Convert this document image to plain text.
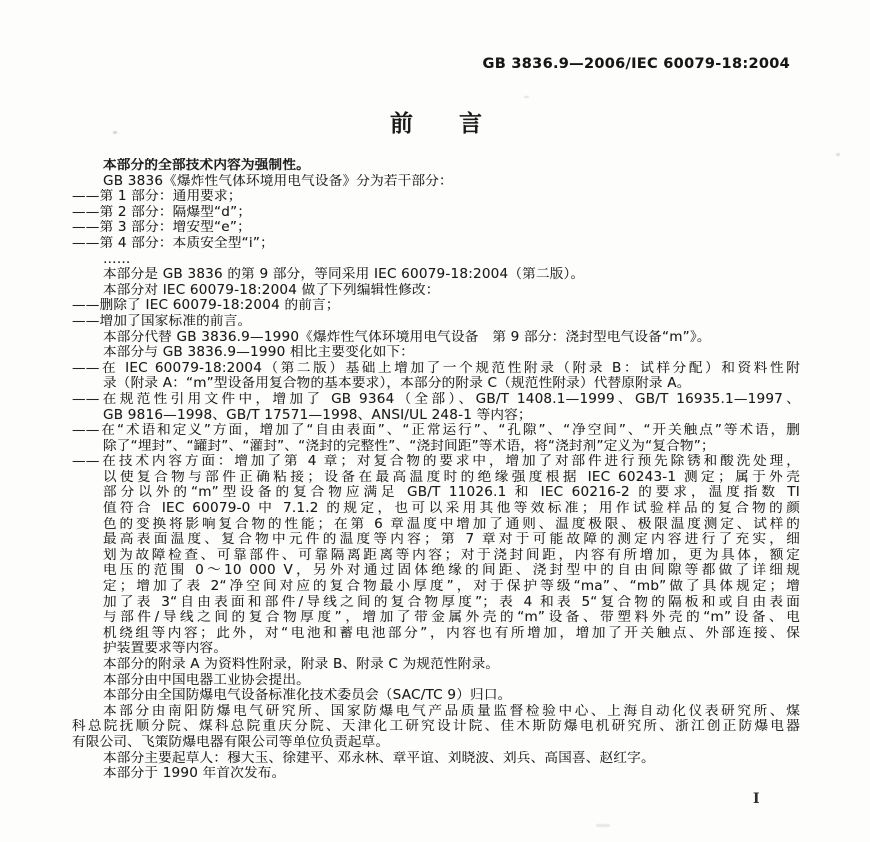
GB 3836.9—2006/IEC 60079-18:2004
前　　言
本部分的全部技术内容为强制性。
GB 3836《爆炸性气体环境用电气设备》分为若干部分：
——第 1 部分：通用要求；
——第 2 部分：隔爆型“d”；
——第 3 部分：增安型“e”；
——第 4 部分：本质安全型“i”；
……
本部分是 GB 3836 的第 9 部分，等同采用 IEC 60079-18:2004（第二版）。
本部分对 IEC 60079-18:2004 做了下列编辑性修改：
——删除了 IEC 60079-18:2004 的前言；
——增加了国家标准的前言。
本部分代替 GB 3836.9—1990《爆炸性气体环境用电气设备　第 9 部分：浇封型电气设备“m”》。
本部分与 GB 3836.9—1990 相比主要变化如下：
——在 IEC 60079-18:2004（第二版）基础上增加了一个规范性附录（附录 B：试样分配）和资料性附
录（附录 A：“m”型设备用复合物的基本要求），本部分的附录 C（规范性附录）代替原附录 A。
——在规范性引用文件中，增加了 GB 9364（全部）、GB/T 1408.1—1999、GB/T 16935.1—1997、
GB 9816—1998、GB/T 17571—1998、ANSI/UL 248-1 等内容；
——在“术语和定义”方面，增加了“自由表面”、“正常运行”、“孔隙”、“净空间”、“开关触点”等术语，删
除了“埋封”、“罐封”、“灌封”、“浇封的完整性”、“浇封间距”等术语，将“浇封剂”定义为“复合物”；
——在技术内容方面：增加了第 4 章；对复合物的要求中，增加了对部件进行预先除锈和酸洗处理，
以使复合物与部件正确粘接；设备在最高温度时的绝缘强度根据 IEC 60243-1 测定；属于外壳
部分以外的“m”型设备的复合物应满足 GB/T 11026.1 和 IEC 60216-2 的要求，温度指数 TI
值符合 IEC 60079-0 中 7.1.2 的规定，也可以采用其他等效标准；用作试验样品的复合物的颜
色的变换将影响复合物的性能；在第 6 章温度中增加了通则、温度极限、极限温度测定、试样的
最高表面温度、复合物中元件的温度等内容；第 7 章对于可能故障的测定内容进行了充实，细
划为故障检查、可靠部件、可靠隔离距离等内容；对于浇封间距，内容有所增加，更为具体，额定
电压的范围 0～10 000 V，另外对通过固体绝缘的间距、浇封型中的自由间隙等都做了详细规
定；增加了表 2“净空间对应的复合物最小厚度”，对于保护等级“ma”、“mb”做了具体规定；增
加了表 3“自由表面和部件/导线之间的复合物厚度”；表 4 和表 5“复合物的隔板和或自由表面
与部件/导线之间的复合物厚度”，增加了带金属外壳的“m”设备、带塑料外壳的“m”设备、电
机绕组等内容；此外，对“电池和蓄电池部分”，内容也有所增加，增加了开关触点、外部连接、保
护装置要求等内容。
本部分的附录 A 为资料性附录，附录 B、附录 C 为规范性附录。
本部分由中国电器工业协会提出。
本部分由全国防爆电气设备标准化技术委员会（SAC/TC 9）归口。
本部分由南阳防爆电气研究所、国家防爆电气产品质量监督检验中心、上海自动化仪表研究所、煤
科总院抚顺分院、煤科总院重庆分院、天津化工研究设计院、佳木斯防爆电机研究所、浙江创正防爆电器
有限公司、飞策防爆电器有限公司等单位负责起草。
本部分主要起草人：穆大玉、徐建平、邓永林、章平谊、刘晓波、刘兵、高国喜、赵红字。
本部分于 1990 年首次发布。
I
